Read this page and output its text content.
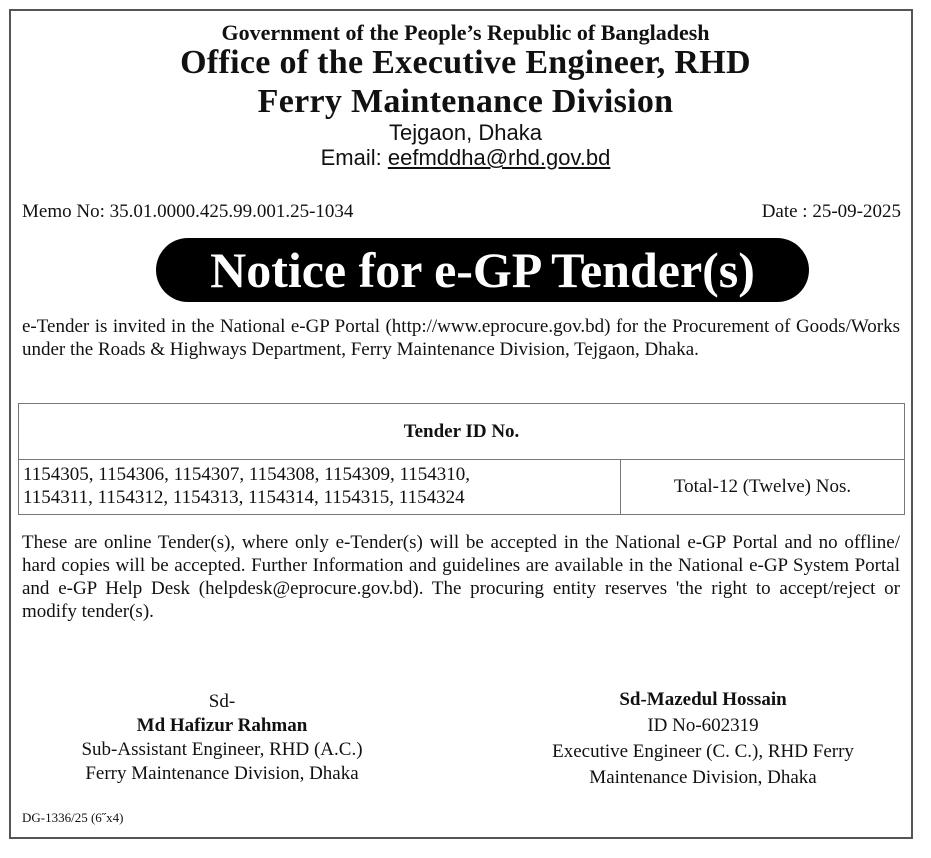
Government of the People’s Republic of Bangladesh
Office of the Executive Engineer, RHD
Ferry Maintenance Division
Tejgaon, Dhaka
Email: eefmddha@rhd.gov.bd
Memo No: 35.01.0000.425.99.001.25-1034	Date : 25-09-2025
Notice for e-GP Tender(s)
e-Tender is invited in the National e-GP Portal (http://www.eprocure.gov.bd) for the Procurement of Goods/Works under the Roads & Highways Department, Ferry Maintenance Division, Tejgaon, Dhaka.
Tender ID No.
1154305, 1154306, 1154307, 1154308, 1154309, 1154310,
1154311, 1154312, 1154313, 1154314, 1154315, 1154324
Total-12 (Twelve) Nos.
These are online Tender(s), where only e-Tender(s) will be accepted in the National e-GP Portal and no offline/ hard copies will be accepted. Further Information and guidelines are available in the National e-GP System Portal and e-GP Help Desk (helpdesk@eprocure.gov.bd). The procuring entity reserves 'the right to accept/reject or modify tender(s).
Sd-
Md Hafizur Rahman
Sub-Assistant Engineer, RHD (A.C.)
Ferry Maintenance Division, Dhaka
Sd-Mazedul Hossain
ID No-602319
Executive Engineer (C. C.), RHD Ferry
Maintenance Division, Dhaka
DG-1336/25 (6˝x4)
